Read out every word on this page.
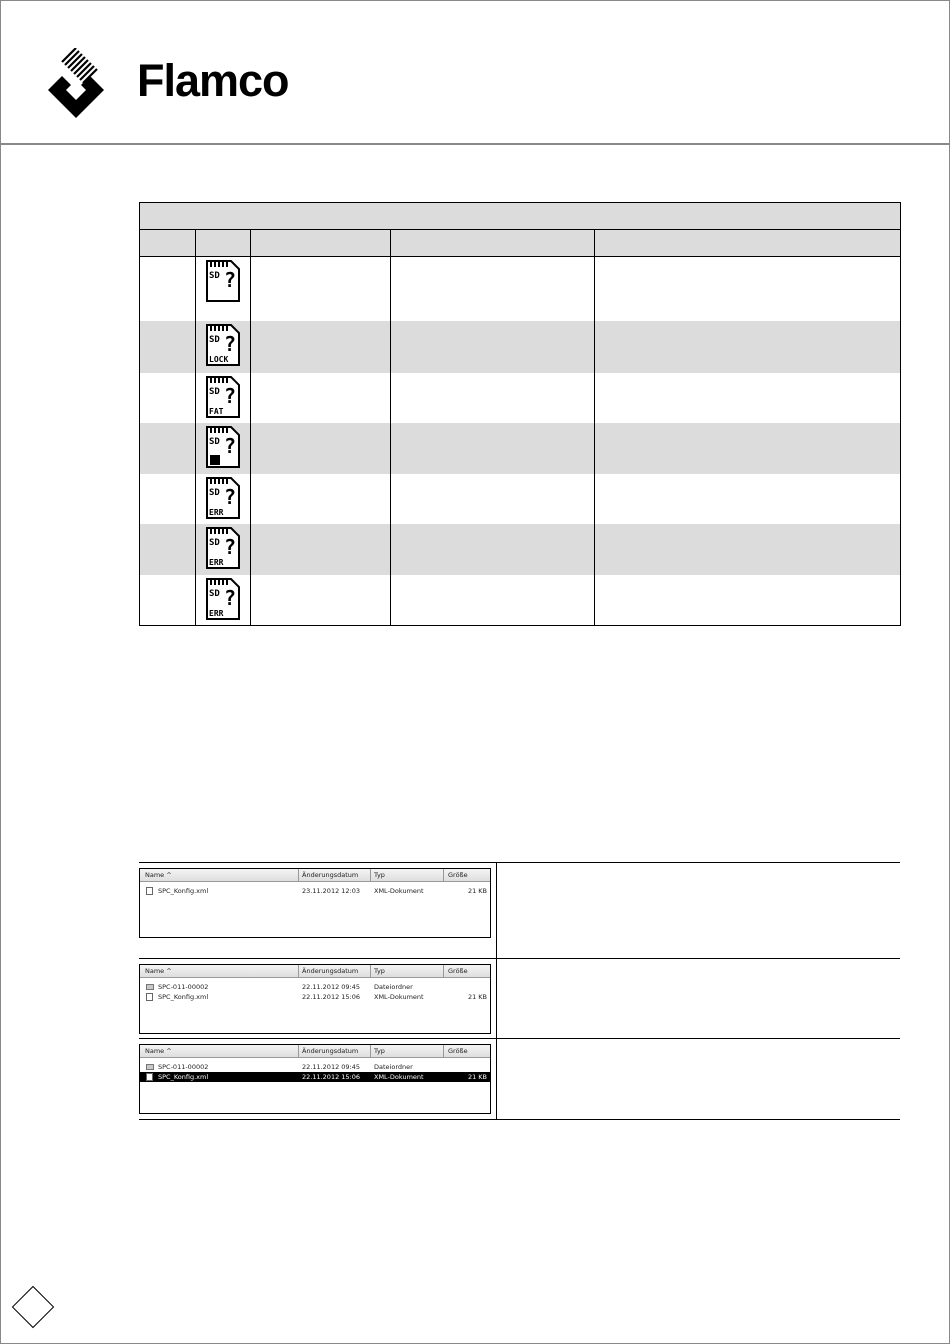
Flamco

SD ?			

SD ?
LOCK			

SD ?
FAT			

SD ?			

SD ?
ERR			

SD ?
ERR			

SD ?
ERR			

Name ^	Änderungsdatum Typ	Größe
SPC_Konfig.xml	23.11.2012 12:03 XML-Dokument	21 KB
Name ^	Änderungsdatum Typ	Größe
SPC-011-00002	22.11.2012 09:45 Dateiordner
SPC_Konfig.xml	22.11.2012 15:06 XML-Dokument	21 KB
Name ^	Änderungsdatum Typ	Größe
SPC-011-00002	22.11.2012 09:45 Dateiordner
SPC_Konfig.xml	22.11.2012 15:06 XML-Dokument	21 KB
